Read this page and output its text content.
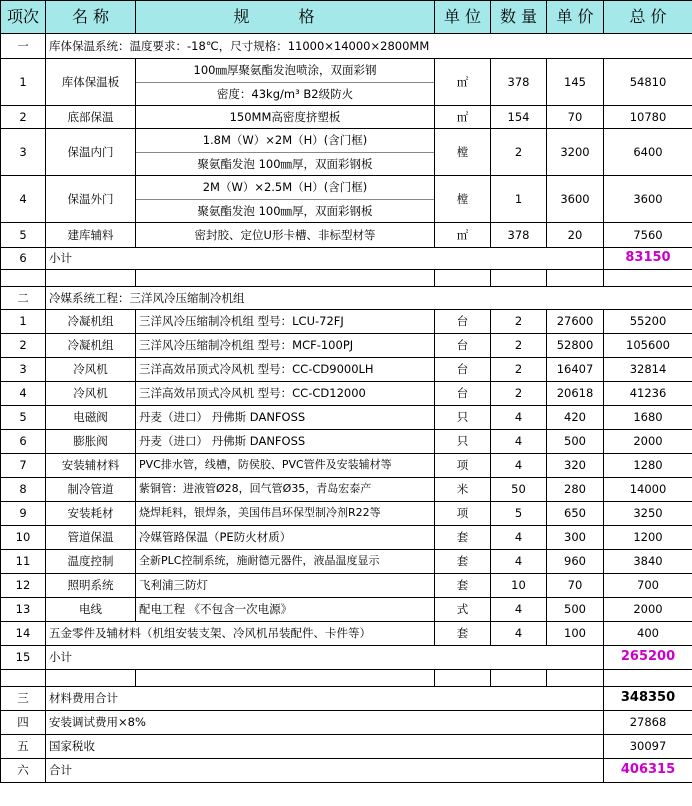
项次	名 称	规 格	单 位	数 量	单 价	总 价
一	库体保温系统：温度要求：-18℃，尺寸规格：11000×14000×2800MM					
1	库体保温板	100㎜厚聚氨酯发泡喷涂，双面彩钢	㎡	378	145	54810
		密度：43kg/m³ B2级防火				
2	底部保温	150MM高密度挤塑板	㎡	154	70	10780
3	保温内门	1.8M（W）×2M（H）(含门框)	樘	2	3200	6400
		聚氨酯发泡 100㎜厚，双面彩钢板				
4	保温外门	2M（W）×2.5M（H）(含门框)	樘	1	3600	3600
		聚氨酯发泡 100㎜厚，双面彩钢板				
5	建库辅料	密封胶、定位U形卡槽、非标型材等	㎡	378	20	7560
6	小计					83150

二	冷媒系统工程：三洋风冷压缩制冷机组					
1	冷凝机组	三洋风冷压缩制冷机组 型号：LCU-72FJ	台	2	27600	55200
2	冷凝机组	三洋风冷压缩制冷机组 型号：MCF-100PJ	台	2	52800	105600
3	冷风机	三洋高效吊顶式冷风机 型号：CC-CD9000LH	台	2	16407	32814
4	冷风机	三洋高效吊顶式冷风机 型号：CC-CD12000	台	2	20618	41236
5	电磁阀	丹麦（进口） 丹佛斯 DANFOSS	只	4	420	1680
6	膨胀阀	丹麦（进口） 丹佛斯 DANFOSS	只	4	500	2000
7	安装辅材料	PVC排水管，线槽，防侯胶、PVC管件及安装辅材等	项	4	320	1280
8	制冷管道	紫铜管：进液管Ø28，回气管Ø35，青岛宏泰产	米	50	280	14000
9	安装耗材	烧焊耗料，银焊条，美国伟昌环保型制冷剂R22等	项	5	650	3250
10	管道保温	冷媒管路保温（PE防火材质）	套	4	300	1200
11	温度控制	全新PLC控制系统，施耐德元器件，液晶温度显示	套	4	960	3840
12	照明系统	飞利浦三防灯	套	10	70	700
13	电线	配电工程 《不包含一次电源》	式	4	500	2000
14	五金零件及辅材料（机组安装支架、冷风机吊装配件、卡件等）		套	4	100	400
15	小计					265200

三	材料费用合计					348350
四	安装调试费用×8%					27868
五	国家税收					30097
六	合计					406315
